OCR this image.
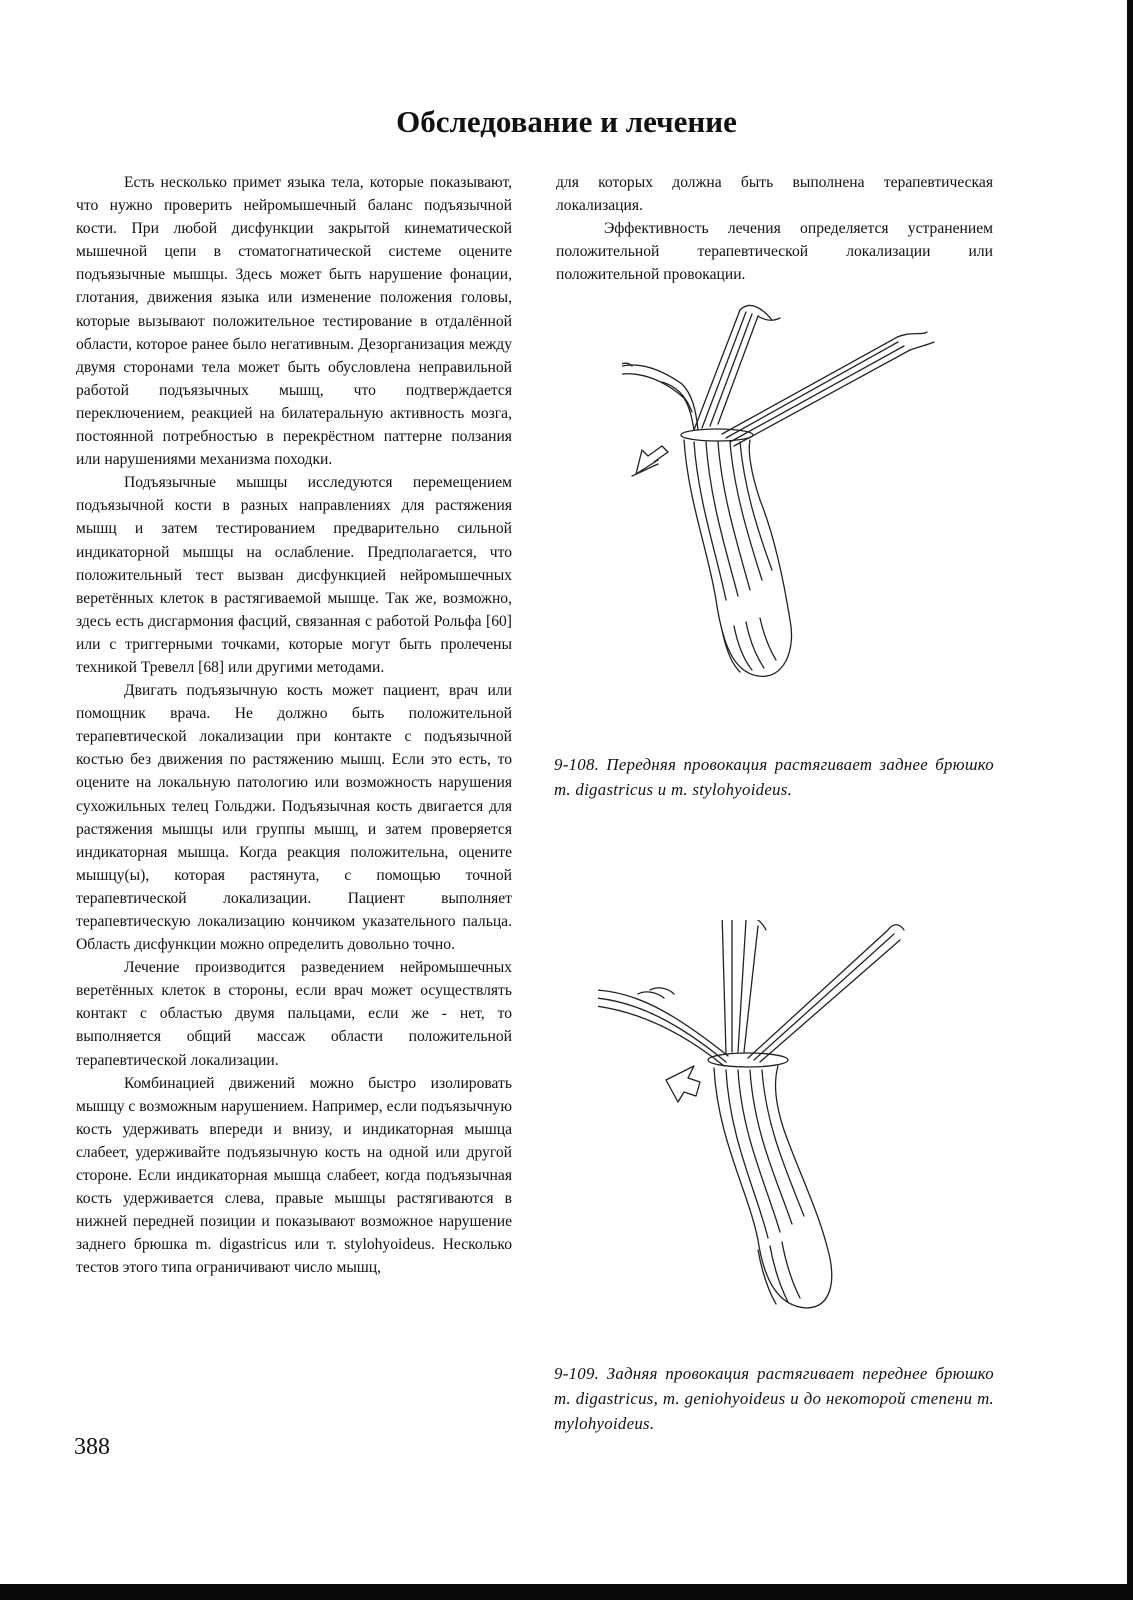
Обследование и лечение

Есть несколько примет языка тела, которые показывают, что нужно проверить нейромышечный баланс подъязычной кости. При любой дисфункции закрытой кинематической мышечной цепи в стоматогнатической системе оцените подъязычные мышцы. Здесь может быть нарушение фонации, глотания, движения языка или изменение положения головы, которые вызывают положительное тестирование в отдалённой области, которое ранее было негативным. Дезорганизация между двумя сторонами тела может быть обусловлена неправильной работой подъязычных мышц, что подтверждается переключением, реакцией на билатеральную активность мозга, постоянной потребностью в перекрёстном паттерне ползания или нарушениями механизма походки.

Подъязычные мышцы исследуются перемещением подъязычной кости в разных направлениях для растяжения мышц и затем тестированием предварительно сильной индикаторной мышцы на ослабление. Предполагается, что положительный тест вызван дисфункцией нейромышечных веретённых клеток в растягиваемой мышце. Так же, возможно, здесь есть дисгармония фасций, связанная с работой Рольфа [60] или с триггерными точками, которые могут быть пролечены техникой Тревелл [68] или другими методами.

Двигать подъязычную кость может пациент, врач или помощник врача. Не должно быть положительной терапевтической локализации при контакте с подъязычной костью без движения по растяжению мышц. Если это есть, то оцените на локальную патологию или возможность нарушения сухожильных телец Гольджи. Подъязычная кость двигается для растяжения мышцы или группы мышц, и затем проверяется индикаторная мышца. Когда реакция положительна, оцените мышцу(ы), которая растянута, с помощью точной терапевтической локализации. Пациент выполняет терапевтическую локализацию кончиком указательного пальца. Область дисфункции можно определить довольно точно.

Лечение производится разведением нейромышечных веретённых клеток в стороны, если врач может осуществлять контакт с областью двумя пальцами, если же - нет, то выполняется общий массаж области положительной терапевтической локализации.

Комбинацией движений можно быстро изолировать мышцу с возможным нарушением. Например, если подъязычную кость удерживать впереди и внизу, и индикаторная мышца слабеет, удерживайте подъязычную кость на одной или другой стороне. Если индикаторная мышца слабеет, когда подъязычная кость удерживается слева, правые мышцы растягиваются в нижней передней позиции и показывают возможное нарушение заднего брюшка m. digastricus или т. stylohyoideus. Несколько тестов этого типа ограничивают число мышц,

для которых должна быть выполнена терапевтическая локализация.

Эффективность лечения определяется устранением положительной терапевтической локализации или положительной провокации.

9-108. Передняя провокация растягивает заднее брюшко m. digastricus и m. stylohyoideus.

9-109. Задняя провокация растягивает переднее брюшко m. digastricus, m. geniohyoideus и до некоторой степени m. mylohyoideus.

388
